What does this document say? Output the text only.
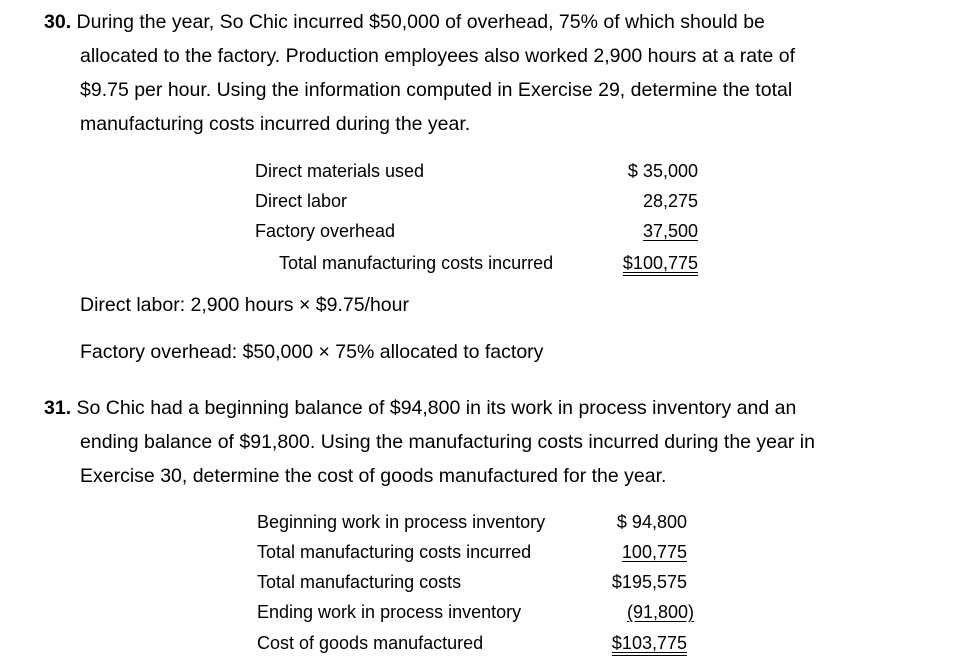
30. During the year, So Chic incurred $50,000 of overhead, 75% of which should be
allocated to the factory. Production employees also worked 2,900 hours at a rate of
$9.75 per hour. Using the information computed in Exercise 29, determine the total
manufacturing costs incurred during the year.
Direct materials used	$ 35,000
Direct labor	28,275
Factory overhead	37,500
Total manufacturing costs incurred	$100,775
Direct labor: 2,900 hours × $9.75/hour
Factory overhead: $50,000 × 75% allocated to factory
31. So Chic had a beginning balance of $94,800 in its work in process inventory and an
ending balance of $91,800. Using the manufacturing costs incurred during the year in
Exercise 30, determine the cost of goods manufactured for the year.
Beginning work in process inventory	$ 94,800
Total manufacturing costs incurred	100,775
Total manufacturing costs	$195,575
Ending work in process inventory	(91,800)
Cost of goods manufactured	$103,775
